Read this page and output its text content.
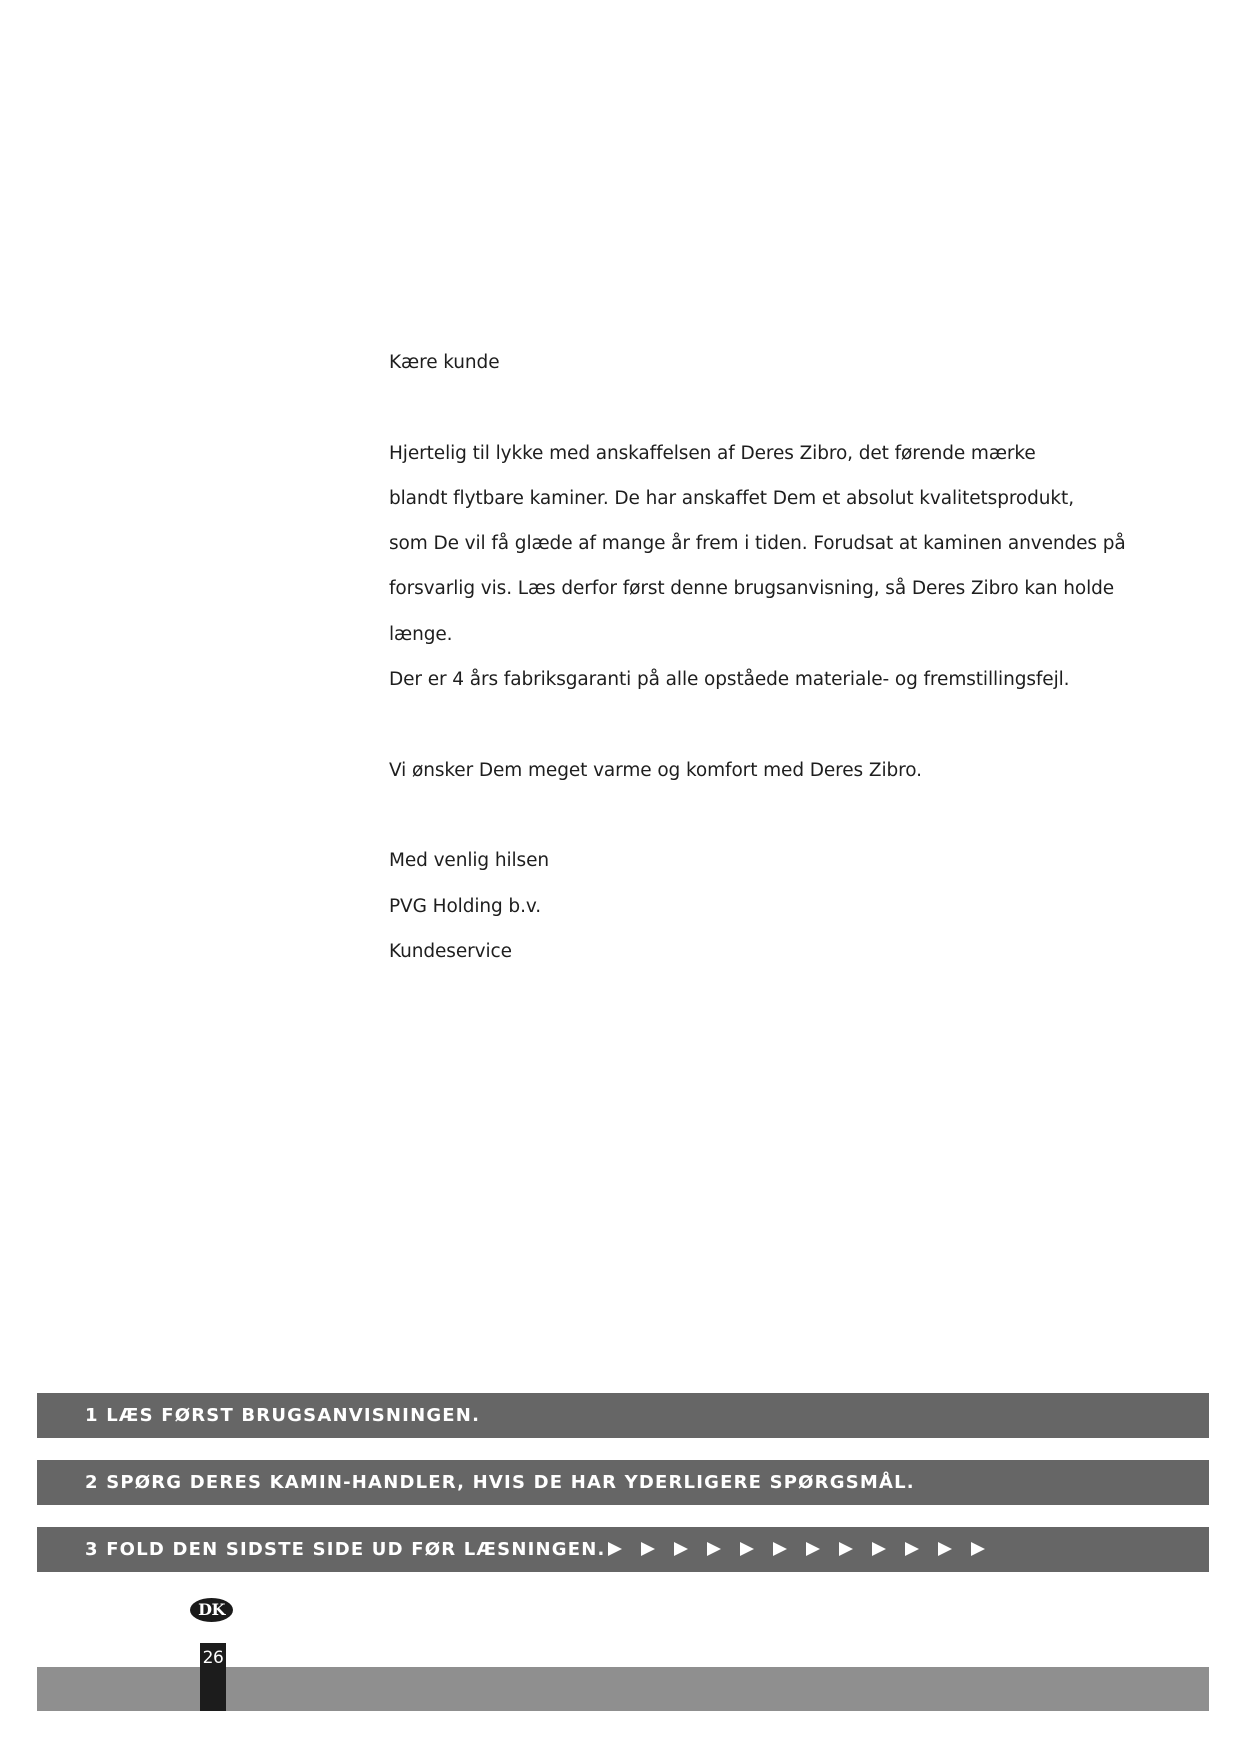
Kære kunde

Hjertelig til lykke med anskaffelsen af Deres Zibro, det førende mærke

blandt flytbare kaminer. De har anskaffet Dem et absolut kvalitetsprodukt,

som De vil få glæde af mange år frem i tiden. Forudsat at kaminen anvendes på

forsvarlig vis. Læs derfor først denne brugsanvisning, så Deres Zibro kan holde

længe.

Der er 4 års fabriksgaranti på alle opståede materiale- og fremstillingsfejl.

Vi ønsker Dem meget varme og komfort med Deres Zibro.

Med venlig hilsen

PVG Holding b.v.

Kundeservice

1 LÆS FØRST BRUGSANVISNINGEN.
2 SPØRG DERES KAMIN-HANDLER, HVIS DE HAR YDERLIGERE SPØRGSMÅL.
3 FOLD DEN SIDSTE SIDE UD FØR LÆSNINGEN.
DK
26
